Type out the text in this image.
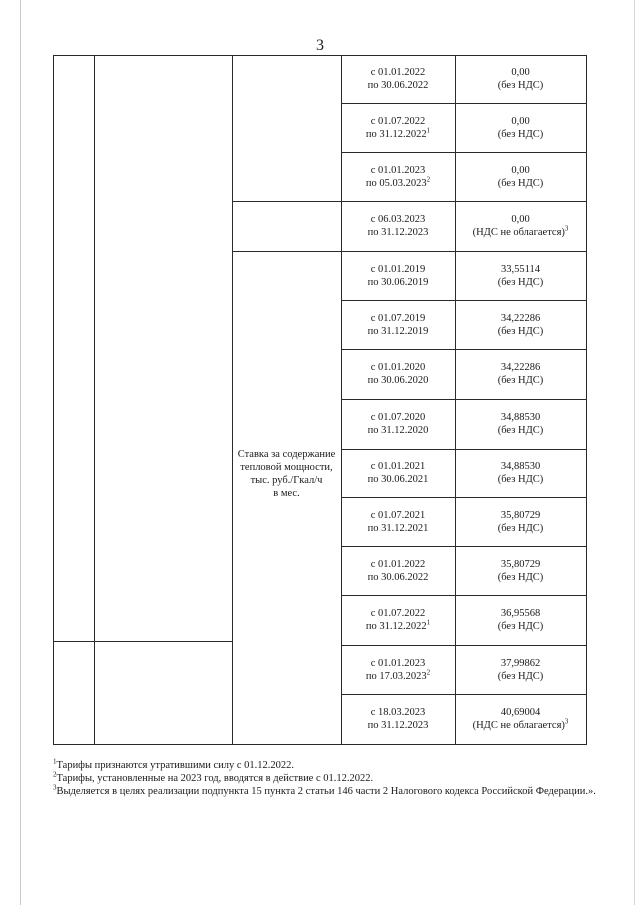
3
с 01.01.2022
по 30.06.2022
0,00
(без НДС)
с 01.07.2022
по 31.12.2022$^1$
0,00
(без НДС)
с 01.01.2023
по 05.03.2023$^2$
0,00
(без НДС)
с 06.03.2023
по 31.12.2023
0,00
(НДС не облагается)$^3$
с 01.01.2019
по 30.06.2019
33,55114
(без НДС)
с 01.07.2019
по 31.12.2019
34,22286
(без НДС)
с 01.01.2020
по 30.06.2020
34,22286
(без НДС)
с 01.07.2020
по 31.12.2020
34,88530
(без НДС)
с 01.01.2021
по 30.06.2021
34,88530
(без НДС)
с 01.07.2021
по 31.12.2021
35,80729
(без НДС)
с 01.01.2022
по 30.06.2022
35,80729
(без НДС)
с 01.07.2022
по 31.12.2022$^1$
36,95568
(без НДС)
с 01.01.2023
по 17.03.2023$^2$
37,99862
(без НДС)
с 18.03.2023
по 31.12.2023
40,69004
(НДС не облагается)$^3$
Ставка за содержание
тепловой мощности,
тыс. руб./Гкал/ч
в мес.
$^1$Тарифы признаются утратившими силу с 01.12.2022.
$^2$Тарифы, установленные на 2023 год, вводятся в действие с 01.12.2022.
$^3$Выделяется в целях реализации подпункта 15 пункта 2 статьи 146 части 2 Налогового кодекса Российской Федерации.».
